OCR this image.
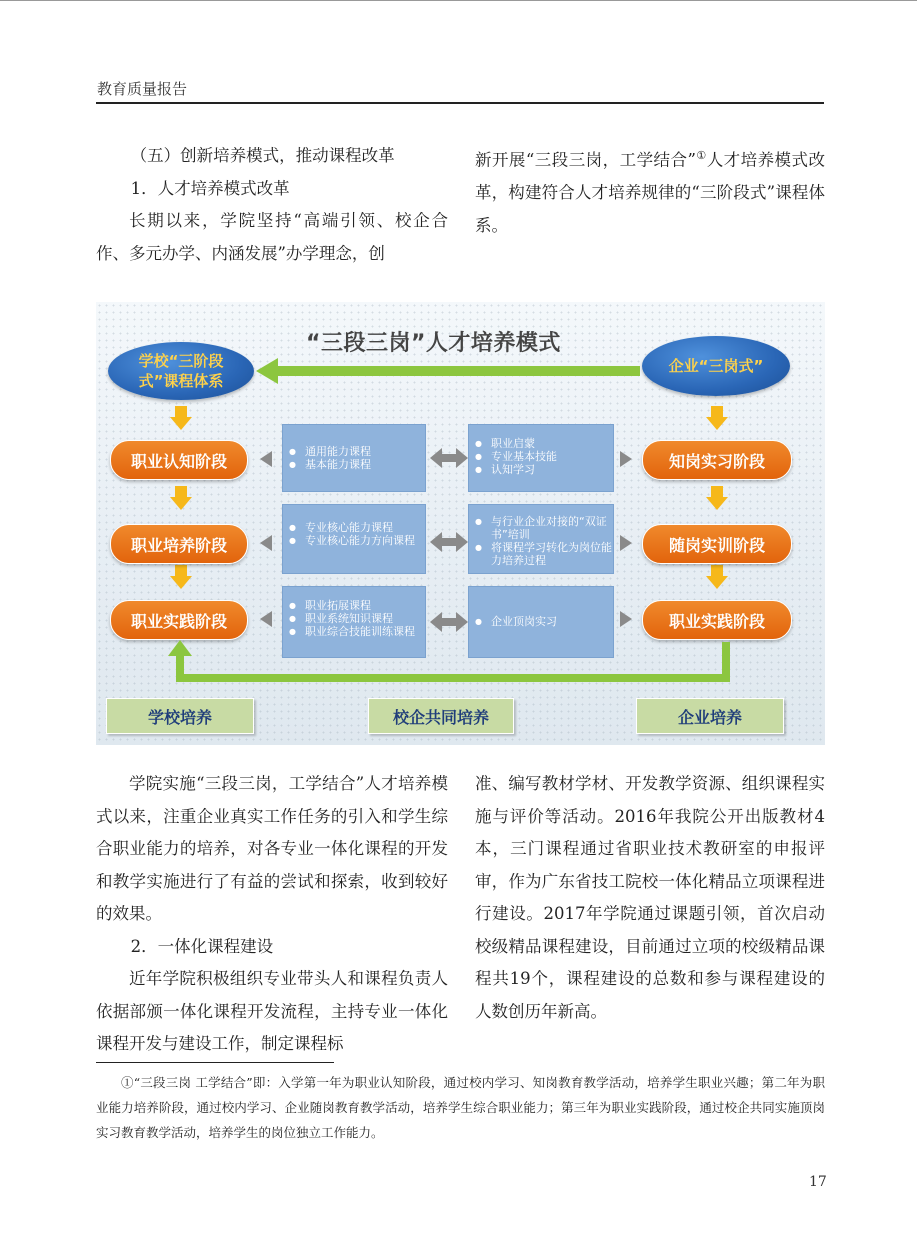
教育质量报告

（五）创新培养模式，推动课程改革

1．人才培养模式改革

长期以来，学院坚持“高端引领、校企合作、多元办学、内涵发展”办学理念，创

新开展“三段三岗，工学结合”①人才培养模式改革，构建符合人才培养规律的“三阶段式”课程体系。

“三段三岗”人才培养模式
学校“三阶段式”课程体系
企业“三岗式”
职业认知阶段
职业培养阶段
职业实践阶段
知岗实习阶段
随岗实训阶段
职业实践阶段
● 通用能力课程
● 基本能力课程
● 专业核心能力课程
● 专业核心能力方向课程
● 职业拓展课程
● 职业系统知识课程
● 职业综合技能训练课程
● 职业启蒙
● 专业基本技能
● 认知学习
● 与行业企业对接的“双证书”培训
● 将课程学习转化为岗位能力培养过程
● 企业顶岗实习
学校培养	校企共同培养	企业培养

学院实施“三段三岗，工学结合”人才培养模式以来，注重企业真实工作任务的引入和学生综合职业能力的培养，对各专业一体化课程的开发和教学实施进行了有益的尝试和探索，收到较好的效果。

2．一体化课程建设

近年学院积极组织专业带头人和课程负责人依据部颁一体化课程开发流程，主持专业一体化课程开发与建设工作，制定课程标

准、编写教材学材、开发教学资源、组织课程实施与评价等活动。2016年我院公开出版教材4本，三门课程通过省职业技术教研室的申报评审，作为广东省技工院校一体化精品立项课程进行建设。2017年学院通过课题引领，首次启动校级精品课程建设，目前通过立项的校级精品课程共19个，课程建设的总数和参与课程建设的人数创历年新高。

①“三段三岗 工学结合”即：入学第一年为职业认知阶段，通过校内学习、知岗教育教学活动，培养学生职业兴趣；第二年为职业能力培养阶段，通过校内学习、企业随岗教育教学活动，培养学生综合职业能力；第三年为职业实践阶段，通过校企共同实施顶岗实习教育教学活动，培养学生的岗位独立工作能力。

17
